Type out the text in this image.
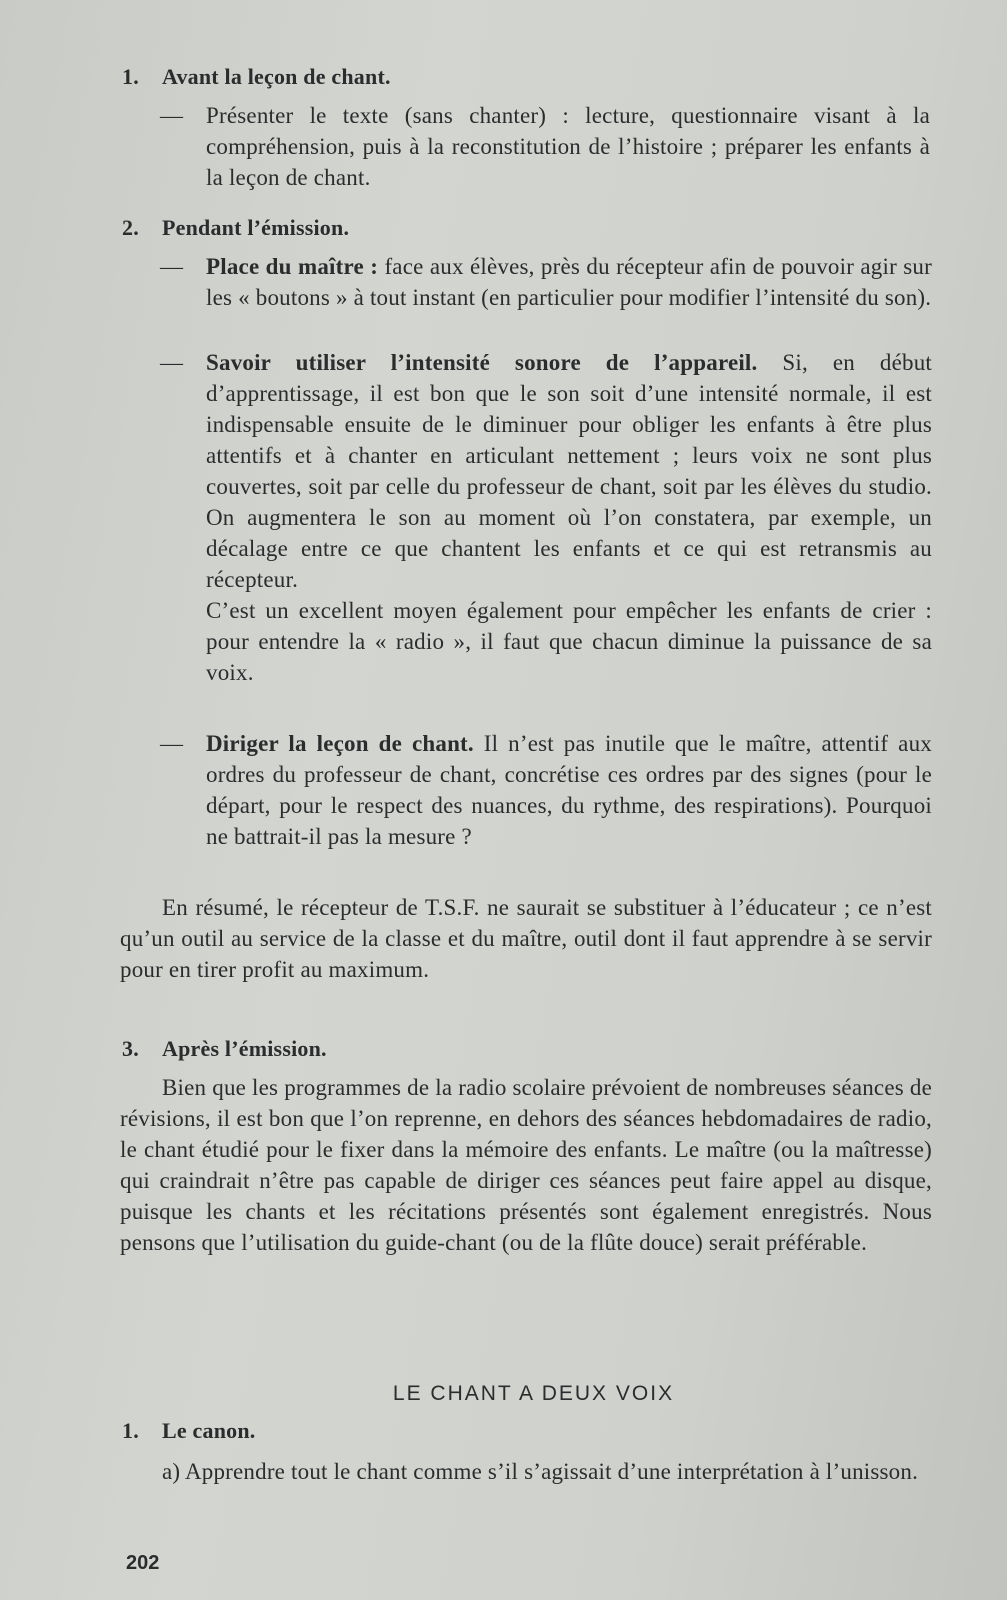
1. Avant la leçon de chant.
— Présenter le texte (sans chanter) : lecture, questionnaire visant à la compréhension, puis à la reconstitution de l’histoire ; préparer les enfants à la leçon de chant.
2. Pendant l’émission.
— Place du maître : face aux élèves, près du récepteur afin de pouvoir agir sur les « boutons » à tout instant (en particulier pour modifier l’intensité du son).
— Savoir utiliser l’intensité sonore de l’appareil. Si, en début d’apprentissage, il est bon que le son soit d’une intensité normale, il est indispensable ensuite de le diminuer pour obliger les enfants à être plus attentifs et à chanter en articulant nettement ; leurs voix ne sont plus couvertes, soit par celle du professeur de chant, soit par les élèves du studio. On augmentera le son au moment où l’on constatera, par exemple, un décalage entre ce que chantent les enfants et ce qui est retransmis au récepteur.
C’est un excellent moyen également pour empêcher les enfants de crier : pour entendre la « radio », il faut que chacun diminue la puissance de sa voix.
— Diriger la leçon de chant. Il n’est pas inutile que le maître, attentif aux ordres du professeur de chant, concrétise ces ordres par des signes (pour le départ, pour le respect des nuances, du rythme, des respirations). Pourquoi ne battrait-il pas la mesure ?
En résumé, le récepteur de T.S.F. ne saurait se substituer à l’éducateur ; ce n’est qu’un outil au service de la classe et du maître, outil dont il faut apprendre à se servir pour en tirer profit au maximum.
3. Après l’émission.
Bien que les programmes de la radio scolaire prévoient de nombreuses séances de révisions, il est bon que l’on reprenne, en dehors des séances hebdomadaires de radio, le chant étudié pour le fixer dans la mémoire des enfants. Le maître (ou la maîtresse) qui craindrait n’être pas capable de diriger ces séances peut faire appel au disque, puisque les chants et les récitations présentés sont également enregistrés. Nous pensons que l’utilisation du guide-chant (ou de la flûte douce) serait préférable.
LE CHANT A DEUX VOIX
1. Le canon.
a) Apprendre tout le chant comme s’il s’agissait d’une interprétation à l’unisson.
202
